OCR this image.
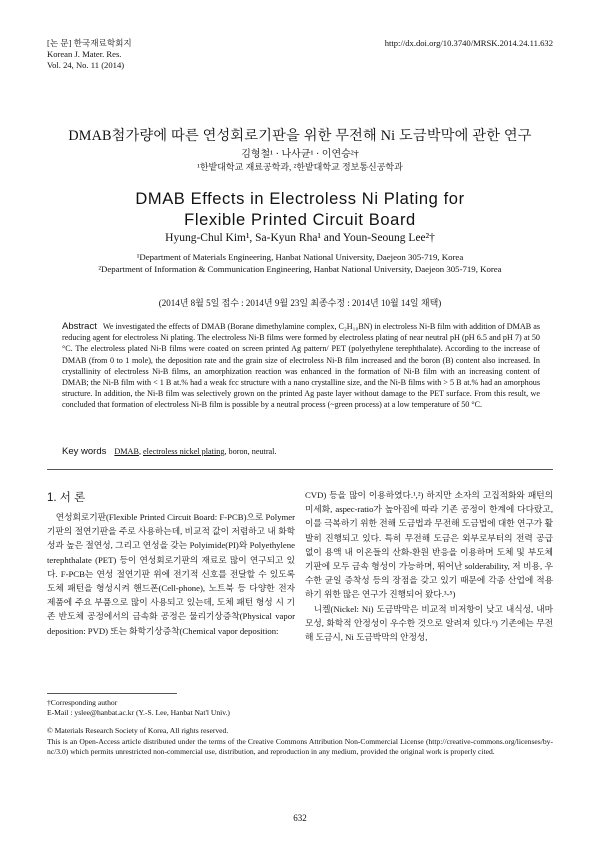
[논 문] 한국재료학회지
Korean J. Mater. Res.
Vol. 24, No. 11 (2014)
http://dx.doi.org/10.3740/MRSK.2014.24.11.632
DMAB첨가량에 따른 연성회로기판을 위한 무전해 Ni 도금박막에 관한 연구
김형철¹ · 나사균¹ · 이연승²†
¹한밭대학교 재료공학과, ²한밭대학교 정보통신공학과
DMAB Effects in Electroless Ni Plating for
Flexible Printed Circuit Board
Hyung-Chul Kim¹, Sa-Kyun Rha¹ and Youn-Seoung Lee²†
¹Department of Materials Engineering, Hanbat National University, Daejeon 305-719, Korea
²Department of Information & Communication Engineering, Hanbat National University, Daejeon 305-719, Korea
(2014년 8월 5일 접수 : 2014년 9월 23일 최종수정 : 2014년 10월 14일 채택)
Abstract We investigated the effects of DMAB (Borane dimethylamine complex, C₂H₁₀BN) in electroless Ni-B film with addition of DMAB as reducing agent for electroless Ni plating. The electroless Ni-B films were formed by electroless plating of near neutral pH (pH 6.5 and pH 7) at 50 °C. The electroless plated Ni-B films were coated on screen printed Ag pattern/ PET (polyethylene terephthalate). According to the increase of DMAB (from 0 to 1 mole), the deposition rate and the grain size of electroless Ni-B film increased and the boron (B) content also increased. In crystallinity of electroless Ni-B films, an amorphization reaction was enhanced in the formation of Ni-B film with an increasing content of DMAB; the Ni-B film with < 1 B at.% had a weak fcc structure with a nano crystalline size, and the Ni-B films with > 5 B at.% had an amorphous structure. In addition, the Ni-B film was selectively grown on the printed Ag paste layer without damage to the PET surface. From this result, we concluded that formation of electroless Ni-B film is possible by a neutral process (~green process) at a low temperature of 50 °C.
Key words DMAB, electroless nickel plating, boron, neutral.
1. 서 론

연성회로기판(Flexible Printed Circuit Board: F-PCB)으로 Polymer 기판의 절연기판을 주로 사용하는데, 비교적 값이 저렴하고 내 화학성과 높은 절연성, 그리고 연성을 갖는 Polyimide(PI)와 Polyethylene terephthalate (PET) 등이 연성회로기판의 재료로 많이 연구되고 있다. F-PCB는 연성 절연기판 위에 전기적 신호를 전달할 수 있도록 도체 패턴을 형성시켜 핸드폰(Cell-phone), 노트북 등 다양한 전자 제품에 주요 부품으로 많이 사용되고 있는데, 도체 패턴 형성 시 기존 반도체 공정에서의 금속화 공정은 물리기상증착(Physical vapor deposition: PVD) 또는 화학기상증착(Chemical vapor deposition:

CVD) 등을 많이 이용하였다.¹,²) 하지만 소자의 고집적화와 패턴의 미세화, aspec-ratio가 높아짐에 따라 기존 공정이 한계에 다다랐고, 이를 극복하기 위한 전해 도금법과 무전해 도금법에 대한 연구가 활발히 진행되고 있다. 특히 무전해 도금은 외부로부터의 전력 공급 없이 용액 내 이온들의 산화-환원 반응을 이용하며 도체 및 부도체 기판에 모두 금속 형성이 가능하며, 뛰어난 solderability, 저 비용, 우수한 균일 증착성 등의 장점을 갖고 있기 때문에 각종 산업에 적용하기 위한 많은 연구가 진행되어 왔다.³-⁵)

니켈(Nickel: Ni) 도금박막은 비교적 비저항이 낮고 내식성, 내마모성, 화학적 안정성이 우수한 것으로 알려져 있다.⁶) 기존에는 무전해 도금시, Ni 도금박막의 안정성,

†Corresponding author

E-Mail : yslee@hanbat.ac.kr (Y.-S. Lee, Hanbat Nat'l Univ.)

© Materials Research Society of Korea, All rights reserved.

This is an Open-Access article distributed under the terms of the Creative Commons Attribution Non-Commercial License (http://creative-commons.org/licenses/by-nc/3.0) which permits unrestricted non-commercial use, distribution, and reproduction in any medium, provided the original work is properly cited.

632
